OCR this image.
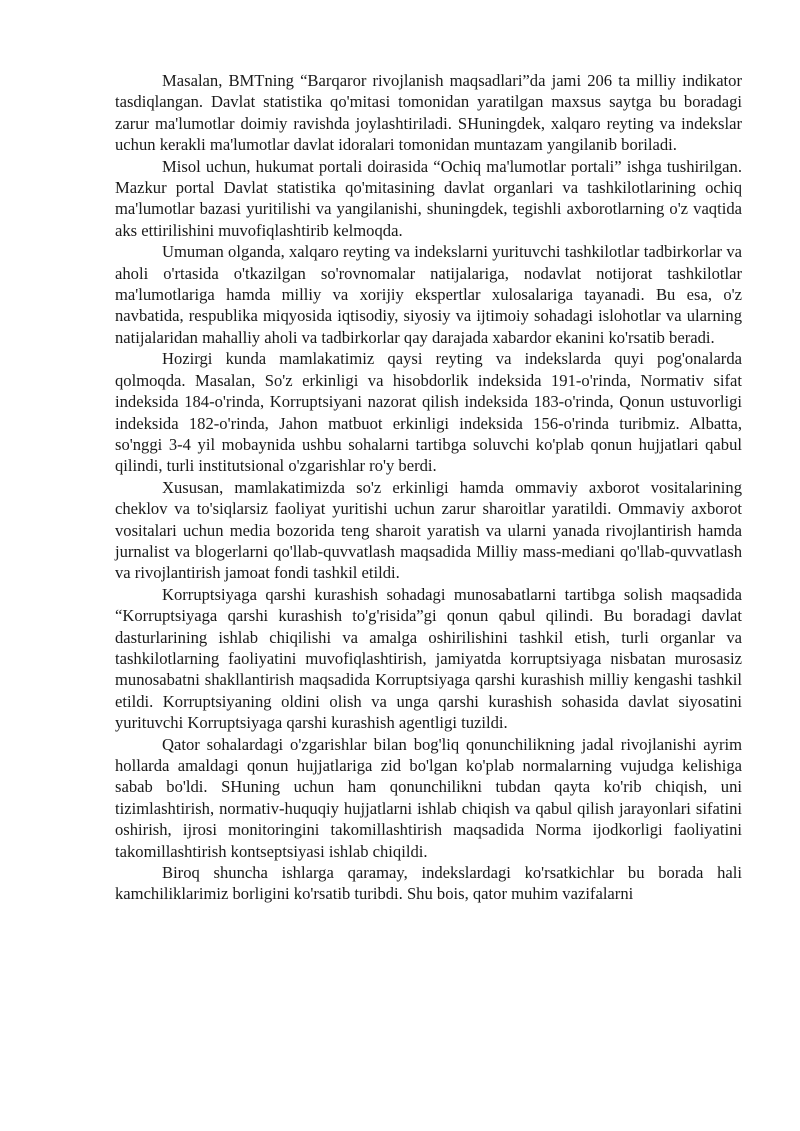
Masalan, BMTning “Barqaror rivojlanish maqsadlari”da jami 206 ta milliy indikator tasdiqlangan. Davlat statistika qo'mitasi tomonidan yaratilgan maxsus saytga bu boradagi zarur ma'lumotlar doimiy ravishda joylashtiriladi. SHuningdek, xalqaro reyting va indekslar uchun kerakli ma'lumotlar davlat idoralari tomonidan muntazam yangilanib boriladi.

Misol uchun, hukumat portali doirasida “Ochiq ma'lumotlar portali” ishga tushirilgan. Mazkur portal Davlat statistika qo'mitasining davlat organlari va tashkilotlarining ochiq ma'lumotlar bazasi yuritilishi va yangilanishi, shuningdek, tegishli axborotlarning o'z vaqtida aks ettirilishini muvofiqlashtirib kelmoqda.

Umuman olganda, xalqaro reyting va indekslarni yurituvchi tashkilotlar tadbirkorlar va aholi o'rtasida o'tkazilgan so'rovnomalar natijalariga, nodavlat notijorat tashkilotlar ma'lumotlariga hamda milliy va xorijiy ekspertlar xulosalariga tayanadi. Bu esa, o'z navbatida, respublika miqyosida iqtisodiy, siyosiy va ijtimoiy sohadagi islohotlar va ularning natijalaridan mahalliy aholi va tadbirkorlar qay darajada xabardor ekanini ko'rsatib beradi.

Hozirgi kunda mamlakatimiz qaysi reyting va indekslarda quyi pog'onalarda qolmoqda. Masalan, So'z erkinligi va hisobdorlik indeksida 191-o'rinda, Normativ sifat indeksida 184-o'rinda, Korruptsiyani nazorat qilish indeksida 183-o'rinda, Qonun ustuvorligi indeksida 182-o'rinda, Jahon matbuot erkinligi indeksida 156-o'rinda turibmiz. Albatta, so'nggi 3-4 yil mobaynida ushbu sohalarni tartibga soluvchi ko'plab qonun hujjatlari qabul qilindi, turli institutsional o'zgarishlar ro'y berdi.

Xususan, mamlakatimizda so'z erkinligi hamda ommaviy axborot vositalarining cheklov va to'siqlarsiz faoliyat yuritishi uchun zarur sharoitlar yaratildi. Ommaviy axborot vositalari uchun media bozorida teng sharoit yaratish va ularni yanada rivojlantirish hamda jurnalist va blogerlarni qo'llab-quvvatlash maqsadida Milliy mass-mediani qo'llab-quvvatlash va rivojlantirish jamoat fondi tashkil etildi.

Korruptsiyaga qarshi kurashish sohadagi munosabatlarni tartibga solish maqsadida “Korruptsiyaga qarshi kurashish to'g'risida”gi qonun qabul qilindi. Bu boradagi davlat dasturlarining ishlab chiqilishi va amalga oshirilishini tashkil etish, turli organlar va tashkilotlarning faoliyatini muvofiqlashtirish, jamiyatda korruptsiyaga nisbatan murosasiz munosabatni shakllantirish maqsadida Korruptsiyaga qarshi kurashish milliy kengashi tashkil etildi. Korruptsiyaning oldini olish va unga qarshi kurashish sohasida davlat siyosatini yurituvchi Korruptsiyaga qarshi kurashish agentligi tuzildi.

Qator sohalardagi o'zgarishlar bilan bog'liq qonunchilikning jadal rivojlanishi ayrim hollarda amaldagi qonun hujjatlariga zid bo'lgan ko'plab normalarning vujudga kelishiga sabab bo'ldi. SHuning uchun ham qonunchilikni tubdan qayta ko'rib chiqish, uni tizimlashtirish, normativ-huquqiy hujjatlarni ishlab chiqish va qabul qilish jarayonlari sifatini oshirish, ijrosi monitoringini takomillashtirish maqsadida Norma ijodkorligi faoliyatini takomillashtirish kontseptsiyasi ishlab chiqildi.

Biroq shuncha ishlarga qaramay, indekslardagi ko'rsatkichlar bu borada hali kamchiliklarimiz borligini ko'rsatib turibdi. Shu bois, qator muhim vazifalarni
